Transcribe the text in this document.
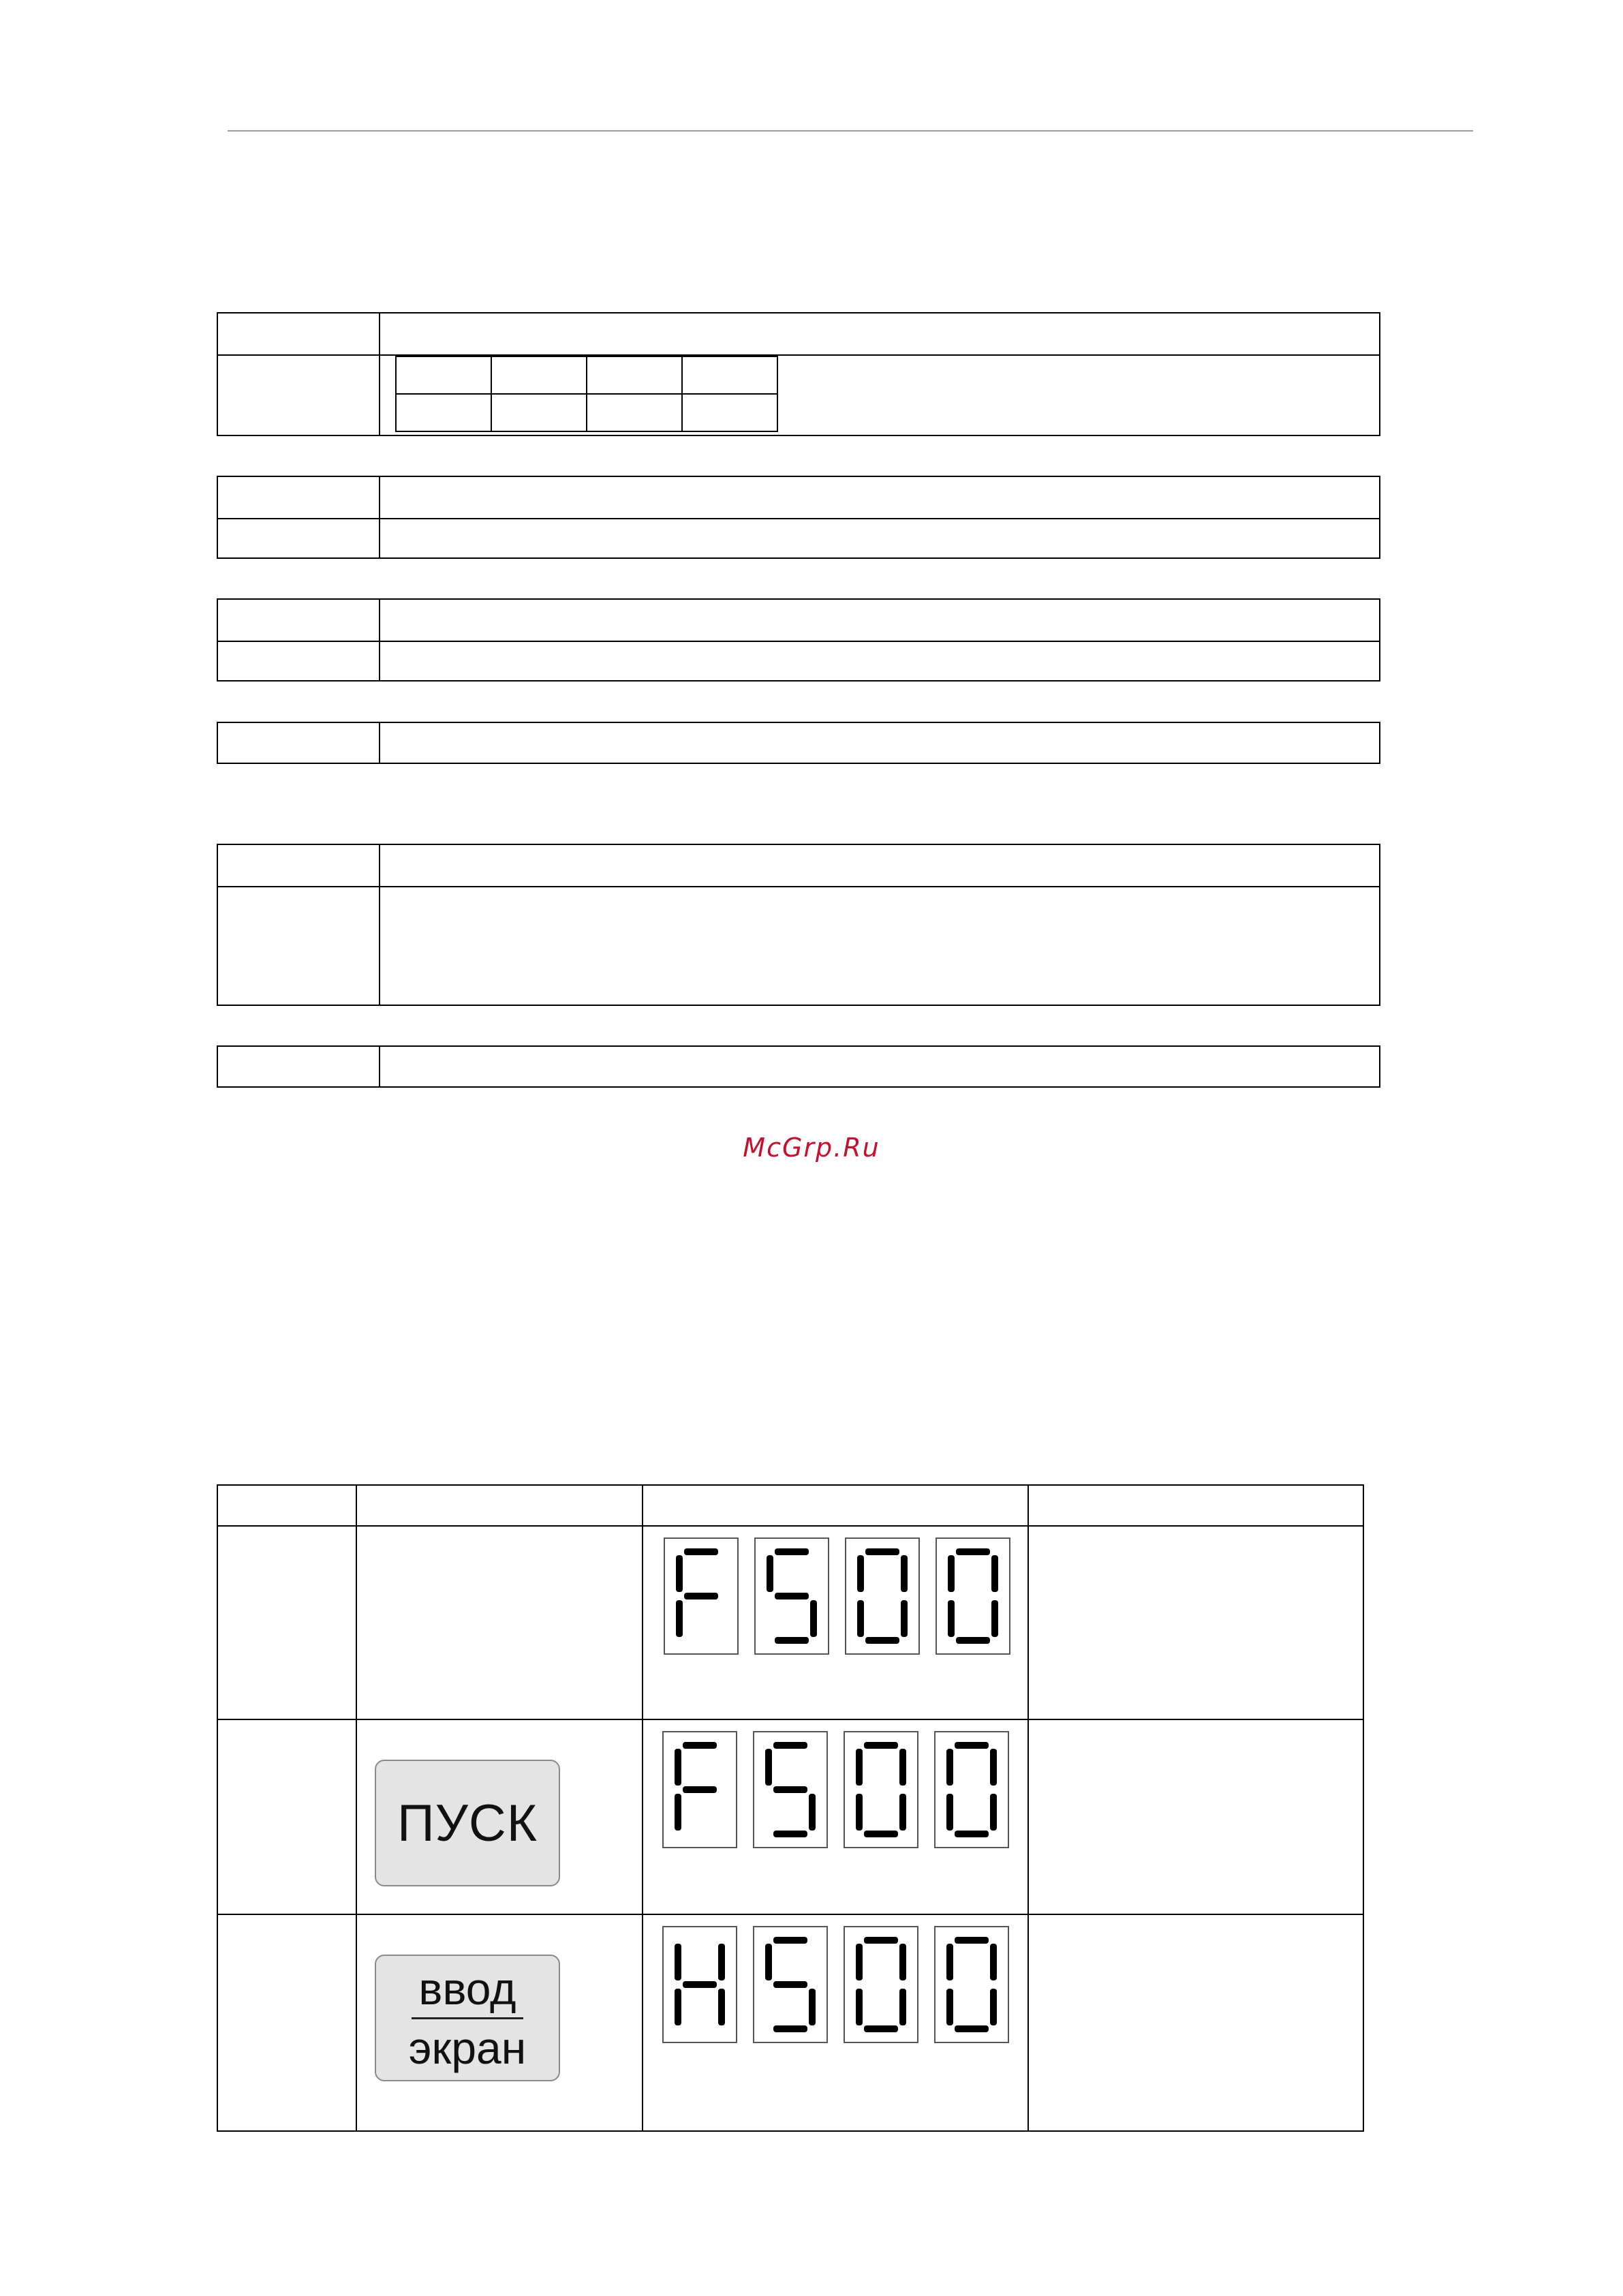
McGrp.Ru

	ПУСК

	ввод
экран
